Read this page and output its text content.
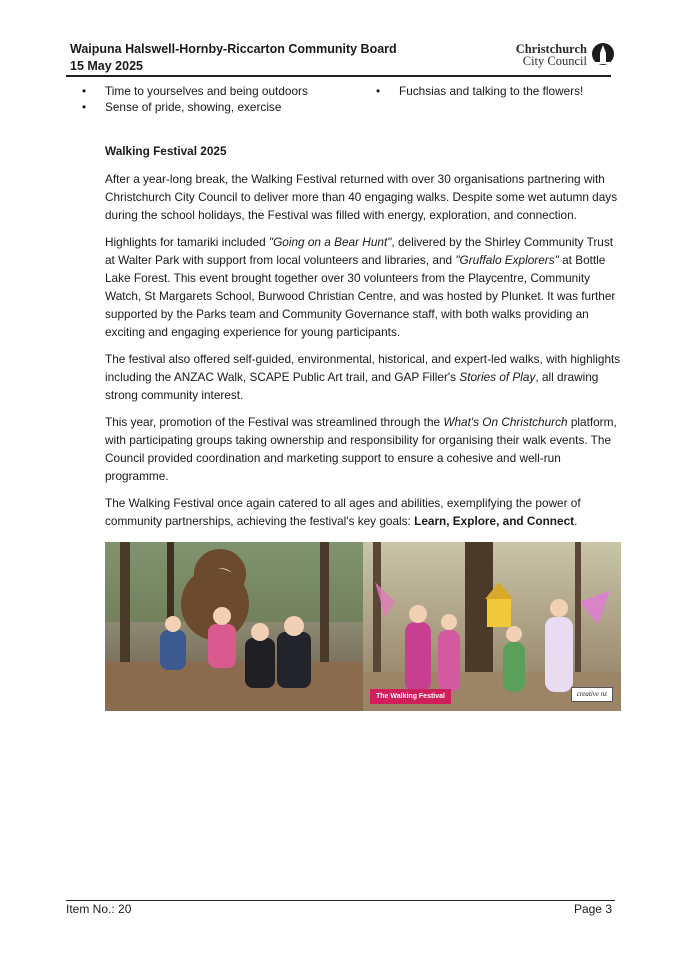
Waipuna Halswell-Hornby-Riccarton Community Board
15 May 2025
Christchurch
City Council
• Time to yourselves and being outdoors
• Sense of pride, showing, exercise
• Fuchsias and talking to the flowers!
Walking Festival 2025

After a year-long break, the Walking Festival returned with over 30 organisations partnering with Christchurch City Council to deliver more than 40 engaging walks. Despite some wet autumn days during the school holidays, the Festival was filled with energy, exploration, and connection.

Highlights for tamariki included "Going on a Bear Hunt", delivered by the Shirley Community Trust at Walter Park with support from local volunteers and libraries, and "Gruffalo Explorers" at Bottle Lake Forest. This event brought together over 30 volunteers from the Playcentre, Community Watch, St Margarets School, Burwood Christian Centre, and was hosted by Plunket. It was further supported by the Parks team and Community Governance staff, with both walks providing an exciting and engaging experience for young participants.

The festival also offered self-guided, environmental, historical, and expert-led walks, with highlights including the ANZAC Walk, SCAPE Public Art trail, and GAP Filler's Stories of Play, all drawing strong community interest.

This year, promotion of the Festival was streamlined through the What's On Christchurch platform, with participating groups taking ownership and responsibility for organising their walk events. The Council provided coordination and marketing support to ensure a cohesive and well-run programme.

The Walking Festival once again catered to all ages and abilities, exemplifying the power of community partnerships, achieving the festival's key goals: Learn, Explore, and Connect.

The Walking Festival	creative nz
Item No.: 20	Page 3
